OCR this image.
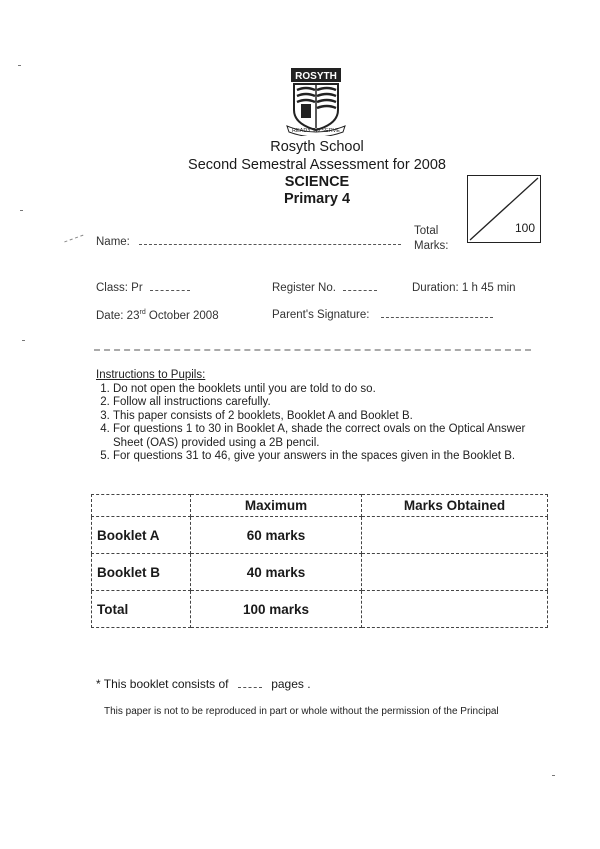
ROSYTH
READY TO SERVE
Rosyth School
Second Semestral Assessment for 2008
SCIENCE
Primary 4
100
Total
Marks:
Name:
Class: Pr	Register No.	Duration: 1 h 45 min
Date: 23rd October 2008	Parent's Signature:
Instructions to Pupils:
1. Do not open the booklets until you are told to do so.
2. Follow all instructions carefully.
3. This paper consists of 2 booklets, Booklet A and Booklet B.
4. For questions 1 to 30 in Booklet A, shade the correct ovals on the Optical Answer Sheet (OAS) provided using a 2B pencil.
5. For questions 31 to 46, give your answers in the spaces given in the Booklet B.
	Maximum	Marks Obtained
Booklet A	60 marks	
Booklet B	40 marks	
Total	100 marks	
* This booklet consists of	pages .
This paper is not to be reproduced in part or whole without the permission of the Principal
